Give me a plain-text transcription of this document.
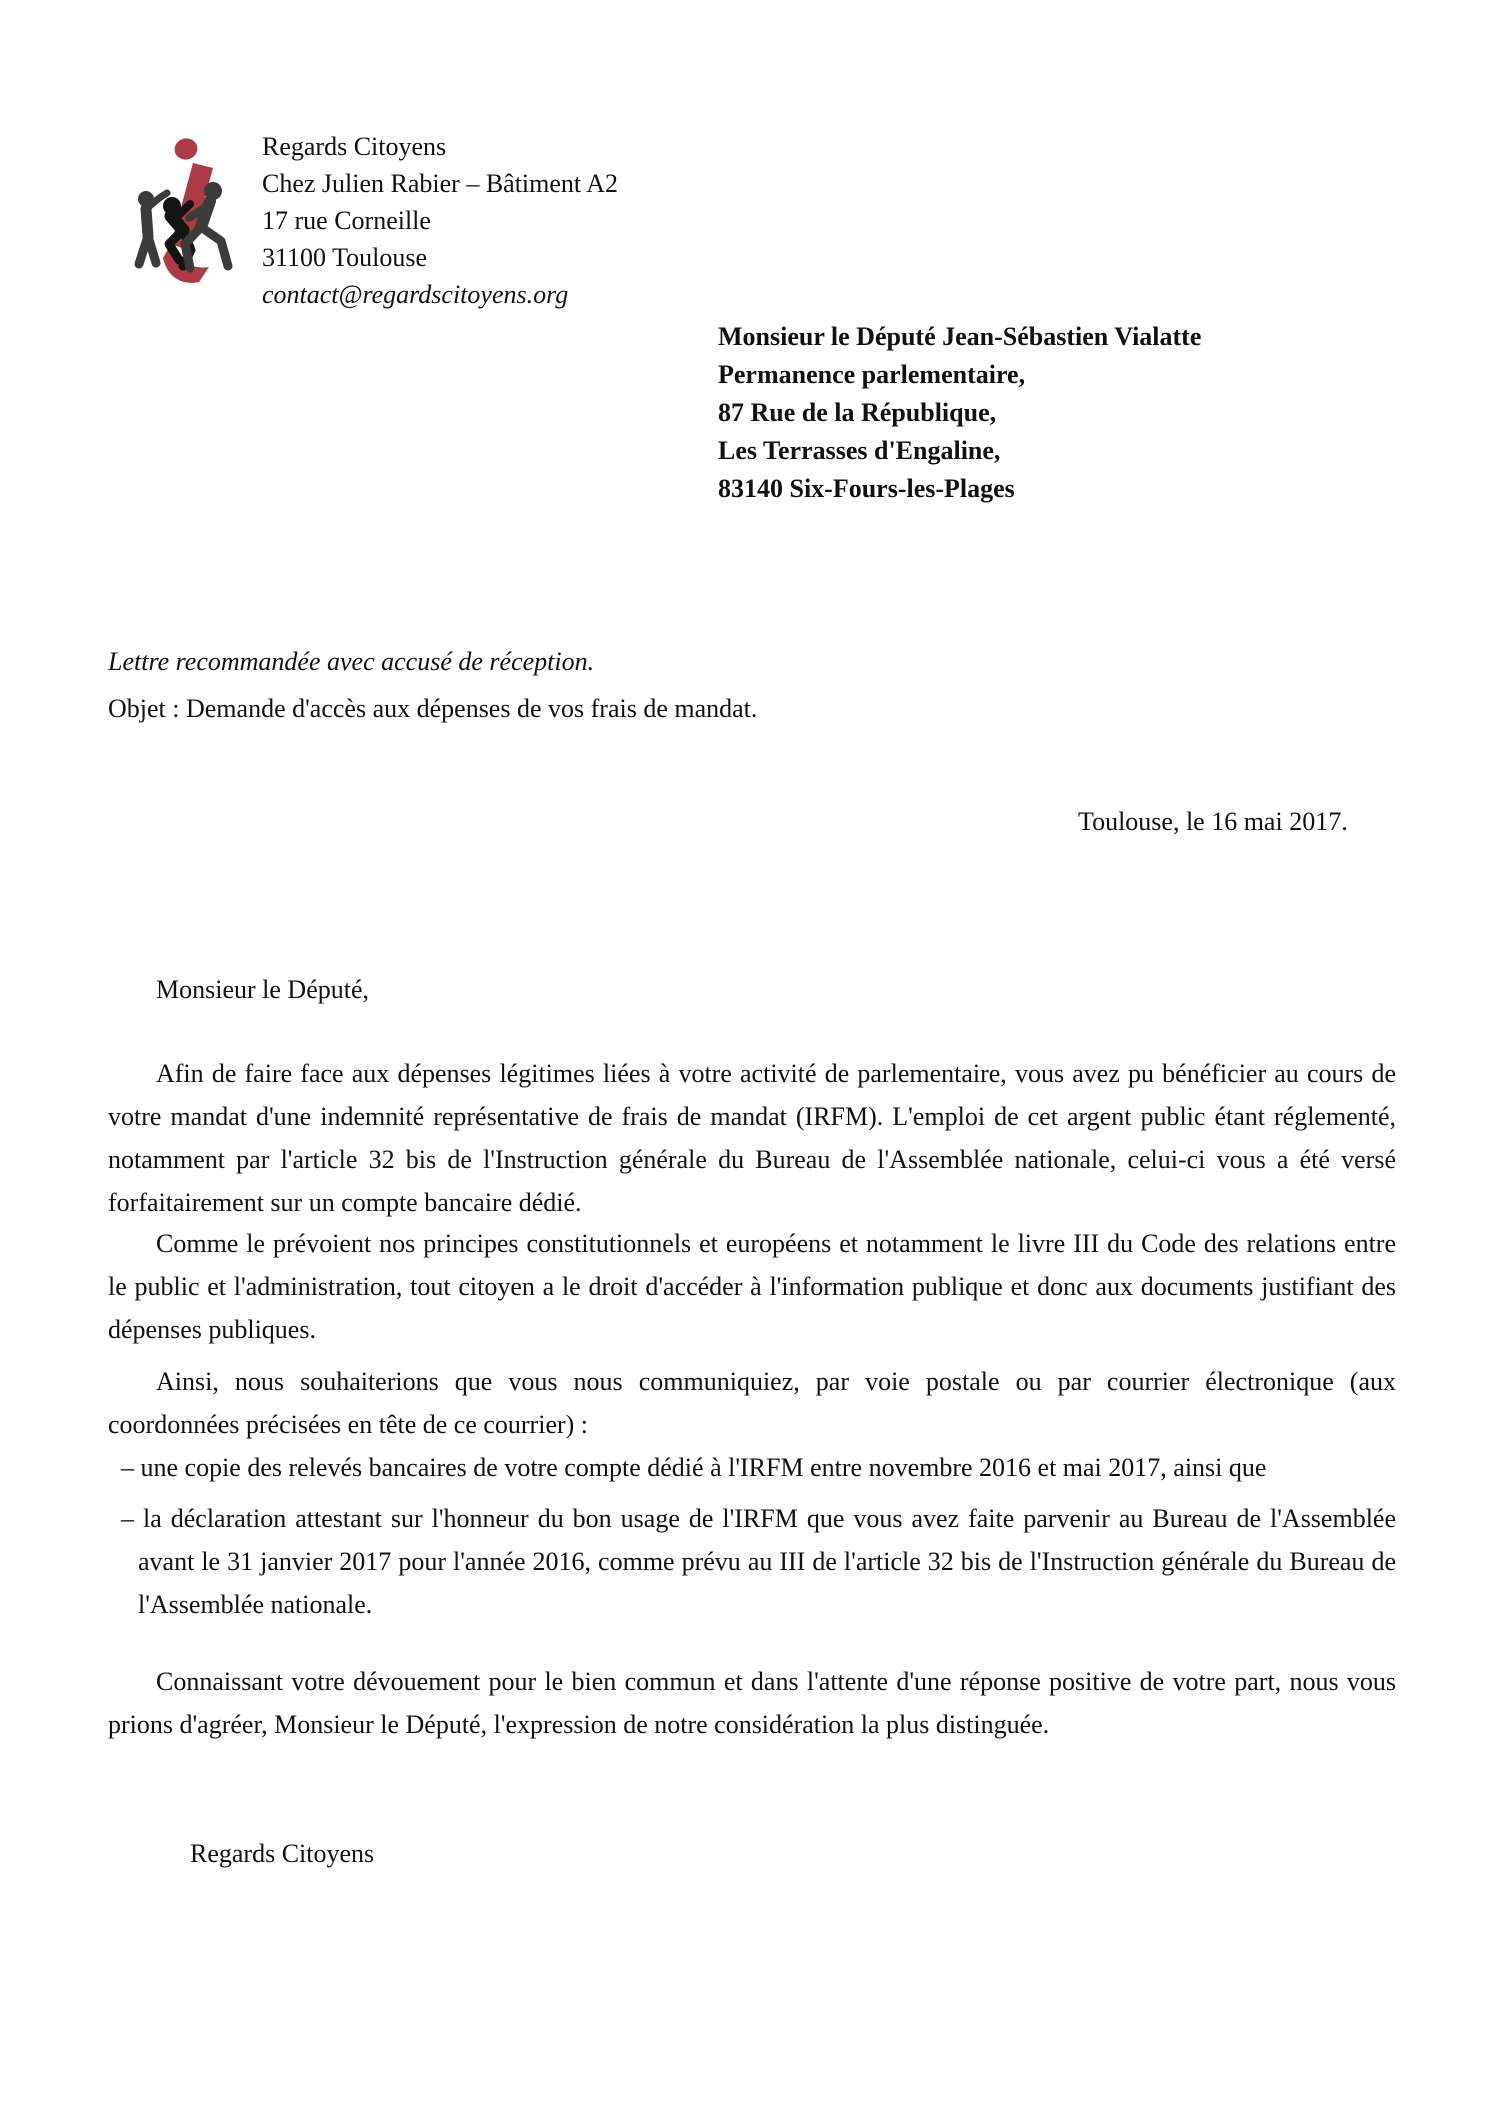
Regards Citoyens
Chez Julien Rabier – Bâtiment A2
17 rue Corneille
31100 Toulouse
contact@regardscitoyens.org
Monsieur le Député Jean-Sébastien Vialatte
Permanence parlementaire,
87 Rue de la République,
Les Terrasses d'Engaline,
83140 Six-Fours-les-Plages
Lettre recommandée avec accusé de réception.
Objet : Demande d'accès aux dépenses de vos frais de mandat.
Toulouse, le 16 mai 2017.
Monsieur le Député,
Afin de faire face aux dépenses légitimes liées à votre activité de parlementaire, vous avez pu bénéficier au cours de votre mandat d'une indemnité représentative de frais de mandat (IRFM). L'emploi de cet argent public étant réglementé, notamment par l'article 32 bis de l'Instruction générale du Bureau de l'Assemblée nationale, celui-ci vous a été versé forfaitairement sur un compte bancaire dédié.
Comme le prévoient nos principes constitutionnels et européens et notamment le livre III du Code des relations entre le public et l'administration, tout citoyen a le droit d'accéder à l'information publique et donc aux documents justifiant des dépenses publiques.
Ainsi, nous souhaiterions que vous nous communiquiez, par voie postale ou par courrier électronique (aux coordonnées précisées en tête de ce courrier) :
– une copie des relevés bancaires de votre compte dédié à l'IRFM entre novembre 2016 et mai 2017, ainsi que
– la déclaration attestant sur l'honneur du bon usage de l'IRFM que vous avez faite parvenir au Bureau de l'Assemblée avant le 31 janvier 2017 pour l'année 2016, comme prévu au III de l'article 32 bis de l'Instruction générale du Bureau de l'Assemblée nationale.
Connaissant votre dévouement pour le bien commun et dans l'attente d'une réponse positive de votre part, nous vous prions d'agréer, Monsieur le Député, l'expression de notre considération la plus distinguée.
Regards Citoyens
